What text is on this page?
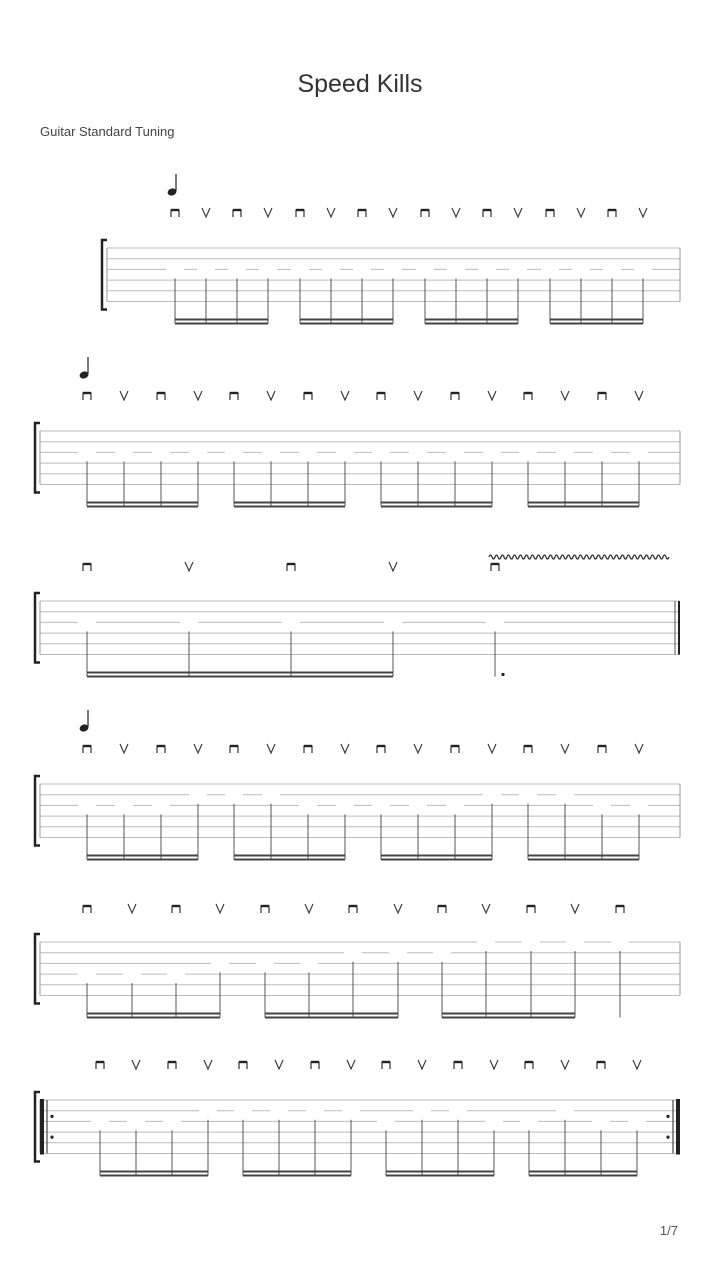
Speed Kills
Guitar Standard Tuning
1/7
